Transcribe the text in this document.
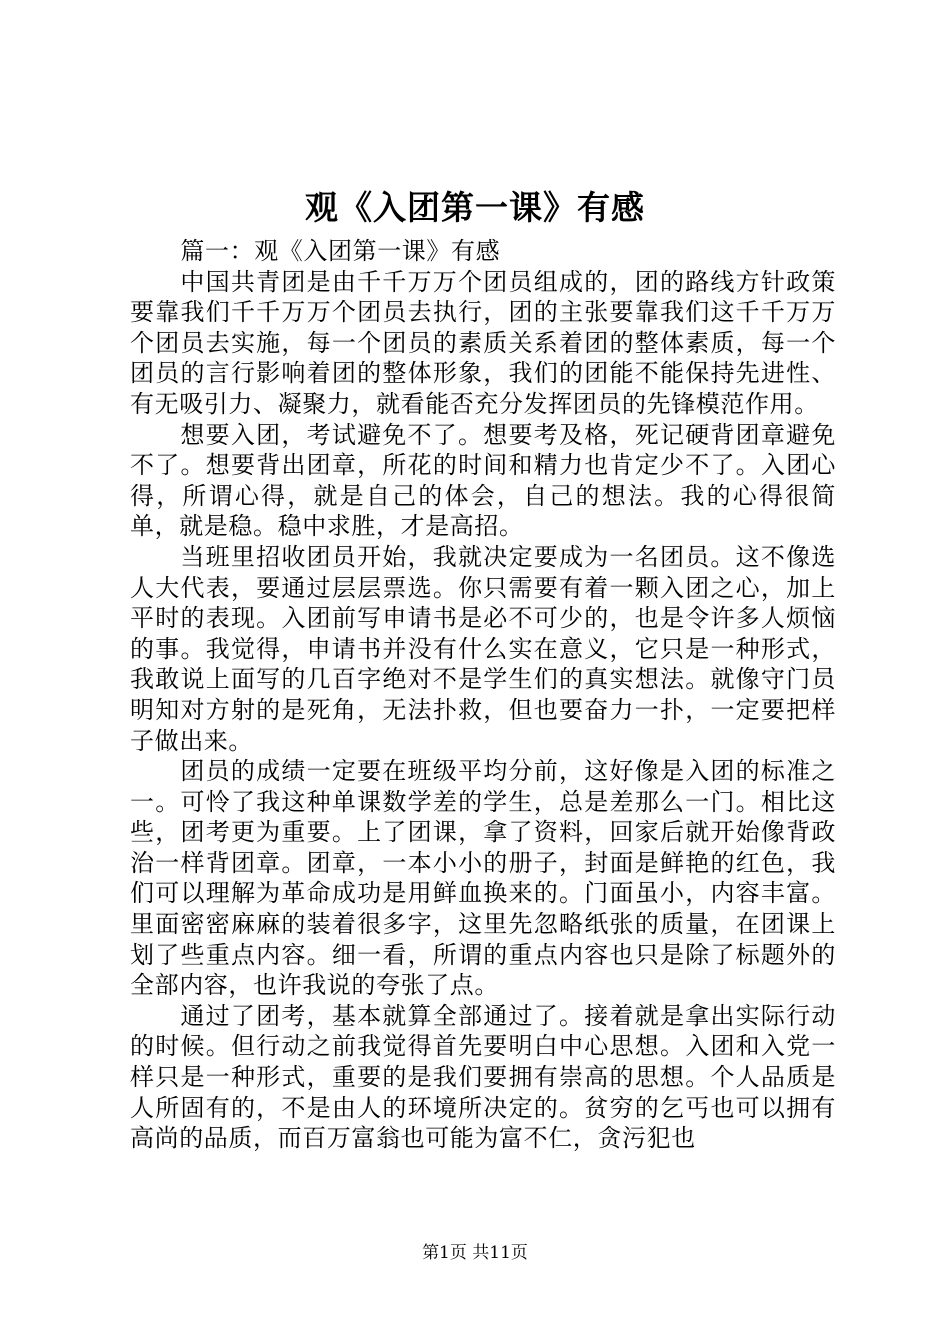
观《入团第一课》有感

篇一：观《入团第一课》有感

中国共青团是由千千万万个团员组成的，团的路线方针政策要靠我们千千万万个团员去执行，团的主张要靠我们这千千万万个团员去实施，每一个团员的素质关系着团的整体素质，每一个团员的言行影响着团的整体形象，我们的团能不能保持先进性、有无吸引力、凝聚力，就看能否充分发挥团员的先锋模范作用。

想要入团，考试避免不了。想要考及格，死记硬背团章避免不了。想要背出团章，所花的时间和精力也肯定少不了。入团心得，所谓心得，就是自己的体会，自己的想法。我的心得很简单，就是稳。稳中求胜，才是高招。

当班里招收团员开始，我就决定要成为一名团员。这不像选人大代表，要通过层层票选。你只需要有着一颗入团之心，加上平时的表现。入团前写申请书是必不可少的，也是令许多人烦恼的事。我觉得，申请书并没有什么实在意义，它只是一种形式，我敢说上面写的几百字绝对不是学生们的真实想法。就像守门员明知对方射的是死角，无法扑救，但也要奋力一扑，一定要把样子做出来。

团员的成绩一定要在班级平均分前，这好像是入团的标准之一。可怜了我这种单课数学差的学生，总是差那么一门。相比这些，团考更为重要。上了团课，拿了资料，回家后就开始像背政治一样背团章。团章，一本小小的册子，封面是鲜艳的红色，我们可以理解为革命成功是用鲜血换来的。门面虽小，内容丰富。里面密密麻麻的装着很多字，这里先忽略纸张的质量，在团课上划了些重点内容。细一看，所谓的重点内容也只是除了标题外的全部内容，也许我说的夸张了点。

通过了团考，基本就算全部通过了。接着就是拿出实际行动的时候。但行动之前我觉得首先要明白中心思想。入团和入党一样只是一种形式，重要的是我们要拥有崇高的思想。个人品质是人所固有的，不是由人的环境所决定的。贫穷的乞丐也可以拥有高尚的品质，而百万富翁也可能为富不仁，贪污犯也

第1页 共11页
